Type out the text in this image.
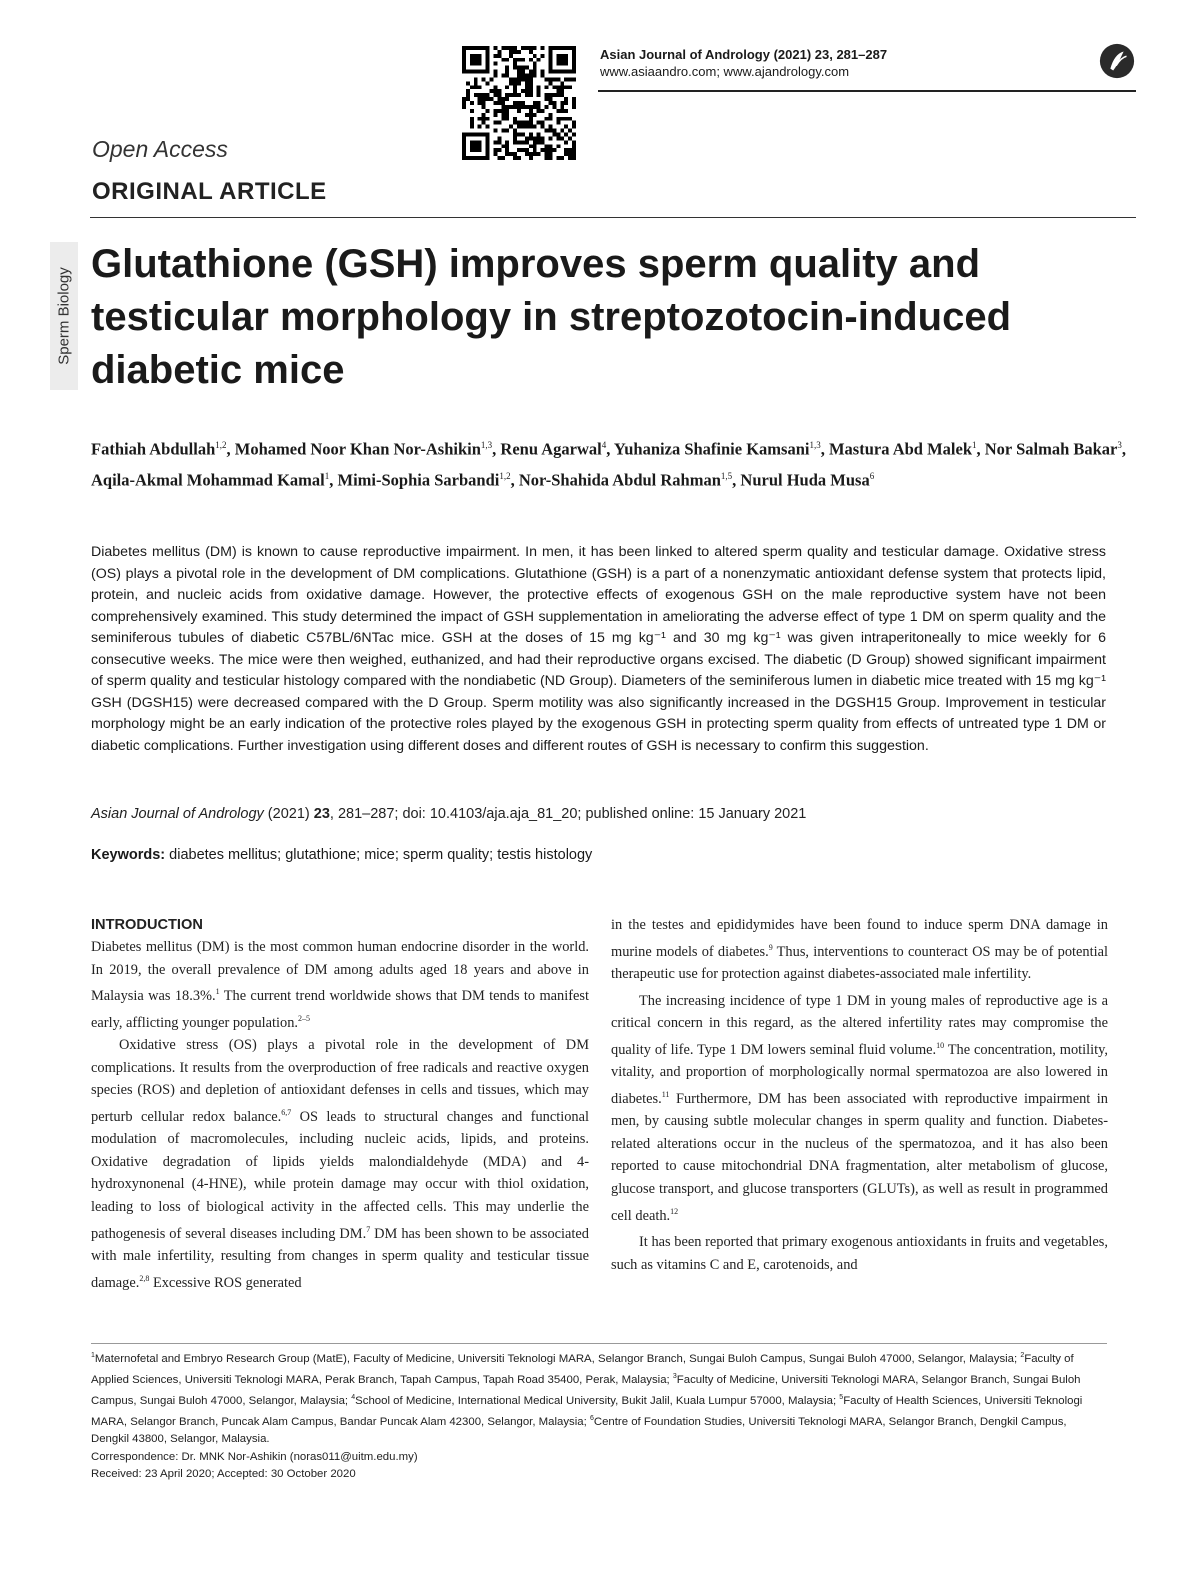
Asian Journal of Andrology (2021) 23, 281–287
www.asiaandro.com; www.ajandrology.com
Open Access
ORIGINAL ARTICLE
Sperm Biology
Glutathione (GSH) improves sperm quality and testicular morphology in streptozotocin-induced diabetic mice

Fathiah Abdullah$^{1,2}$, Mohamed Noor Khan Nor-Ashikin$^{1,3}$, Renu Agarwal$^4$, Yuhaniza Shafinie Kamsani$^{1,3}$, Mastura Abd Malek$^1$, Nor Salmah Bakar$^3$, Aqila-Akmal Mohammad Kamal$^1$, Mimi-Sophia Sarbandi$^{1,2}$, Nor-Shahida Abdul Rahman$^{1,5}$, Nurul Huda Musa$^6$

Diabetes mellitus (DM) is known to cause reproductive impairment. In men, it has been linked to altered sperm quality and testicular damage. Oxidative stress (OS) plays a pivotal role in the development of DM complications. Glutathione (GSH) is a part of a nonenzymatic antioxidant defense system that protects lipid, protein, and nucleic acids from oxidative damage. However, the protective effects of exogenous GSH on the male reproductive system have not been comprehensively examined. This study determined the impact of GSH supplementation in ameliorating the adverse effect of type 1 DM on sperm quality and the seminiferous tubules of diabetic C57BL/6NTac mice. GSH at the doses of 15 mg kg⁻¹ and 30 mg kg⁻¹ was given intraperitoneally to mice weekly for 6 consecutive weeks. The mice were then weighed, euthanized, and had their reproductive organs excised. The diabetic (D Group) showed significant impairment of sperm quality and testicular histology compared with the nondiabetic (ND Group). Diameters of the seminiferous lumen in diabetic mice treated with 15 mg kg⁻¹ GSH (DGSH15) were decreased compared with the D Group. Sperm motility was also significantly increased in the DGSH15 Group. Improvement in testicular morphology might be an early indication of the protective roles played by the exogenous GSH in protecting sperm quality from effects of untreated type 1 DM or diabetic complications. Further investigation using different doses and different routes of GSH is necessary to confirm this suggestion.

Asian Journal of Andrology (2021) 23, 281–287; doi: 10.4103/aja.aja_81_20; published online: 15 January 2021

Keywords: diabetes mellitus; glutathione; mice; sperm quality; testis histology

INTRODUCTION

Diabetes mellitus (DM) is the most common human endocrine disorder in the world. In 2019, the overall prevalence of DM among adults aged 18 years and above in Malaysia was 18.3%.$^1$ The current trend worldwide shows that DM tends to manifest early, afflicting younger population.$^{2-5}$

Oxidative stress (OS) plays a pivotal role in the development of DM complications. It results from the overproduction of free radicals and reactive oxygen species (ROS) and depletion of antioxidant defenses in cells and tissues, which may perturb cellular redox balance.$^{6,7}$ OS leads to structural changes and functional modulation of macromolecules, including nucleic acids, lipids, and proteins. Oxidative degradation of lipids yields malondialdehyde (MDA) and 4-hydroxynonenal (4-HNE), while protein damage may occur with thiol oxidation, leading to loss of biological activity in the affected cells. This may underlie the pathogenesis of several diseases including DM.$^7$ DM has been shown to be associated with male infertility, resulting from changes in sperm quality and testicular tissue damage.$^{2,8}$ Excessive ROS generated

in the testes and epididymides have been found to induce sperm DNA damage in murine models of diabetes.$^9$ Thus, interventions to counteract OS may be of potential therapeutic use for protection against diabetes-associated male infertility.

The increasing incidence of type 1 DM in young males of reproductive age is a critical concern in this regard, as the altered infertility rates may compromise the quality of life. Type 1 DM lowers seminal fluid volume.$^{10}$ The concentration, motility, vitality, and proportion of morphologically normal spermatozoa are also lowered in diabetes.$^{11}$ Furthermore, DM has been associated with reproductive impairment in men, by causing subtle molecular changes in sperm quality and function. Diabetes-related alterations occur in the nucleus of the spermatozoa, and it has also been reported to cause mitochondrial DNA fragmentation, alter metabolism of glucose, glucose transport, and glucose transporters (GLUTs), as well as result in programmed cell death.$^{12}$

It has been reported that primary exogenous antioxidants in fruits and vegetables, such as vitamins C and E, carotenoids, and

$^1$Maternofetal and Embryo Research Group (MatE), Faculty of Medicine, Universiti Teknologi MARA, Selangor Branch, Sungai Buloh Campus, Sungai Buloh 47000, Selangor, Malaysia; $^2$Faculty of Applied Sciences, Universiti Teknologi MARA, Perak Branch, Tapah Campus, Tapah Road 35400, Perak, Malaysia; $^3$Faculty of Medicine, Universiti Teknologi MARA, Selangor Branch, Sungai Buloh Campus, Sungai Buloh 47000, Selangor, Malaysia; $^4$School of Medicine, International Medical University, Bukit Jalil, Kuala Lumpur 57000, Malaysia; $^5$Faculty of Health Sciences, Universiti Teknologi MARA, Selangor Branch, Puncak Alam Campus, Bandar Puncak Alam 42300, Selangor, Malaysia; $^6$Centre of Foundation Studies, Universiti Teknologi MARA, Selangor Branch, Dengkil Campus, Dengkil 43800, Selangor, Malaysia.

Correspondence: Dr. MNK Nor-Ashikin (noras011@uitm.edu.my)

Received: 23 April 2020; Accepted: 30 October 2020
